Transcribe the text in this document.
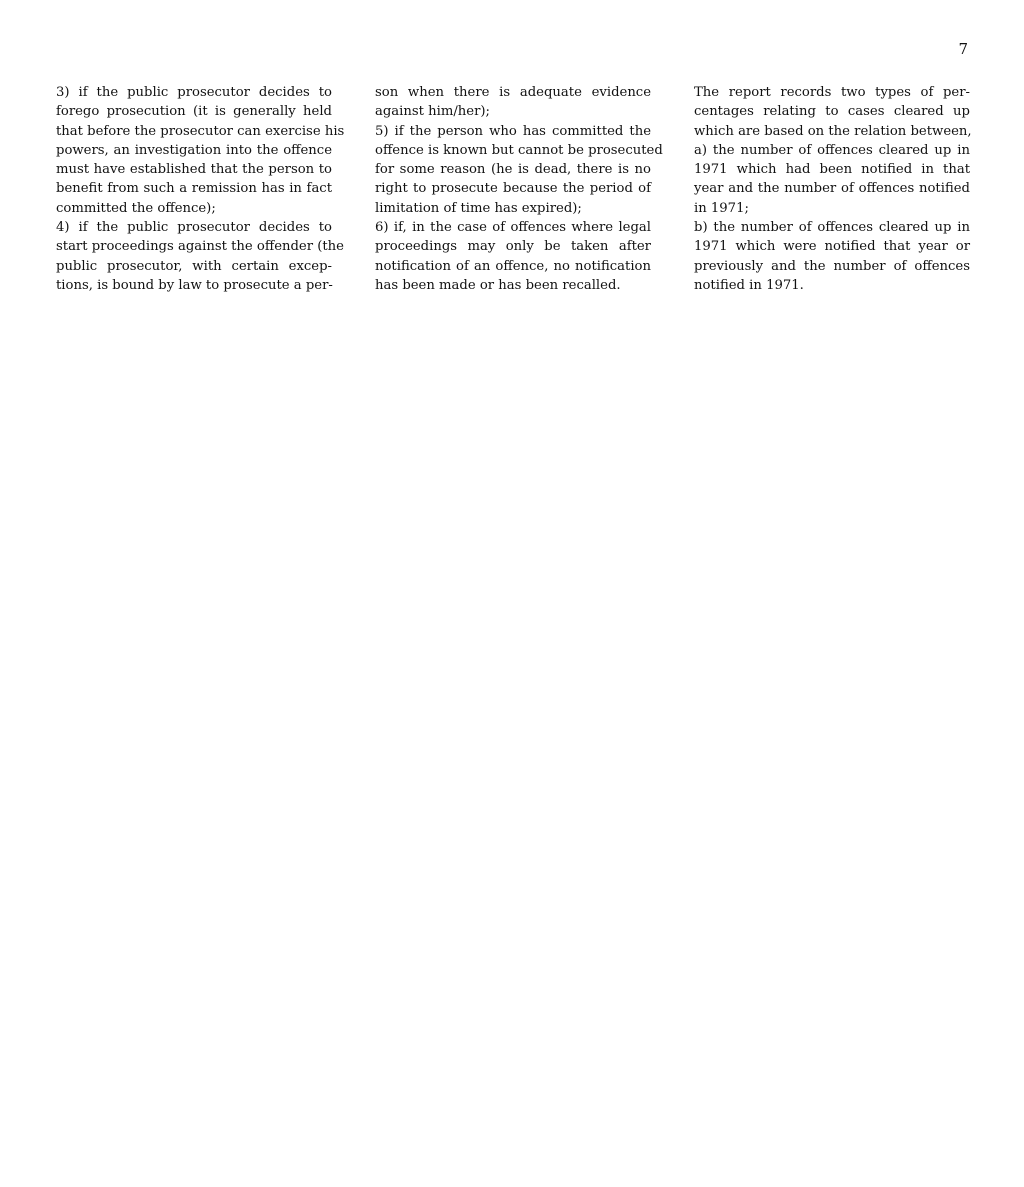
7
3) if the public prosecutor decides to
forego prosecution (it is generally held
that before the prosecutor can exercise his
powers, an investigation into the offence
must have established that the person to
benefit from such a remission has in fact
committed the offence);
4) if the public prosecutor decides to
start proceedings against the offender (the
public prosecutor, with certain excep-
tions, is bound by law to prosecute a per-
son when there is adequate evidence
against him/her);
5) if the person who has committed the
offence is known but cannot be prosecuted
for some reason (he is dead, there is no
right to prosecute because the period of
limitation of time has expired);
6) if, in the case of offences where legal
proceedings may only be taken after
notification of an offence, no notification
has been made or has been recalled.
The report records two types of per-
centages relating to cases cleared up
which are based on the relation between,
a) the number of offences cleared up in
1971 which had been notified in that
year and the number of offences notified
in 1971;
b) the number of offences cleared up in
1971 which were notified that year or
previously and the number of offences
notified in 1971.
